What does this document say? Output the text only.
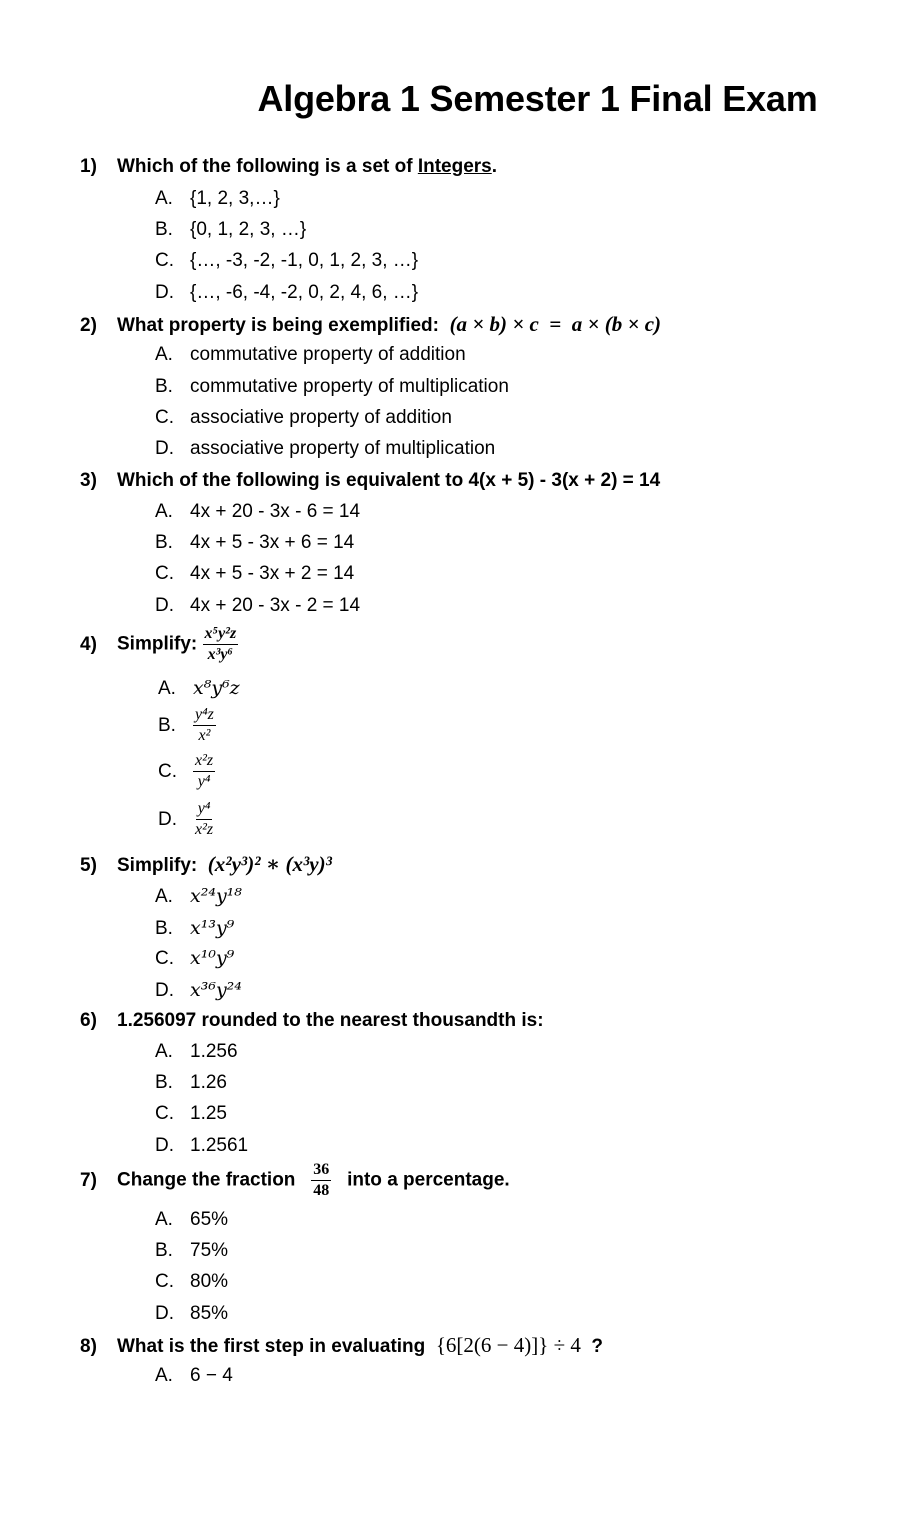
Algebra 1 Semester 1 Final Exam
1) Which of the following is a set of Integers.
A. {1, 2, 3,…}
B. {0, 1, 2, 3, …}
C. {…, -3, -2, -1, 0, 1, 2, 3, …}
D. {…, -6, -4, -2, 0, 2, 4, 6, …}
2) What property is being exemplified: (a × b) × c  =  a × (b × c)
A. commutative property of addition
B. commutative property of multiplication
C. associative property of addition
D. associative property of multiplication
3) Which of the following is equivalent to 4(x + 5) - 3(x + 2) = 14
A. 4x + 20 - 3x - 6 = 14
B. 4x + 5 - 3x + 6 = 14
C. 4x + 5 - 3x + 2 = 14
D. 4x + 20 - 3x - 2 = 14
4) Simplify: $\frac{\text{x⁵y²z}}{\text{x³y⁶}}$
A. x⁸y⁶z
B. $\frac{\text{y⁴z}}{\text{x²}}$
C. $\frac{\text{x²z}}{\text{y⁴}}$
D. $\frac{\text{y⁴}}{\text{x²z}}$
5) Simplify: (x²y³)² ∗ (x³y)³
A. x²⁴y¹⁸
B. x¹³y⁹
C. x¹⁰y⁹
D. x³⁶y²⁴
6) 1.256097 rounded to the nearest thousandth is:
A. 1.256
B. 1.26
C. 1.25
D. 1.2561
7) Change the fraction $\frac{36}{48}$ into a percentage.
A. 65%
B. 75%
C. 80%
D. 85%
8) What is the first step in evaluating {6[2(6 − 4)]} ÷ 4 ?
A. 6 − 4
